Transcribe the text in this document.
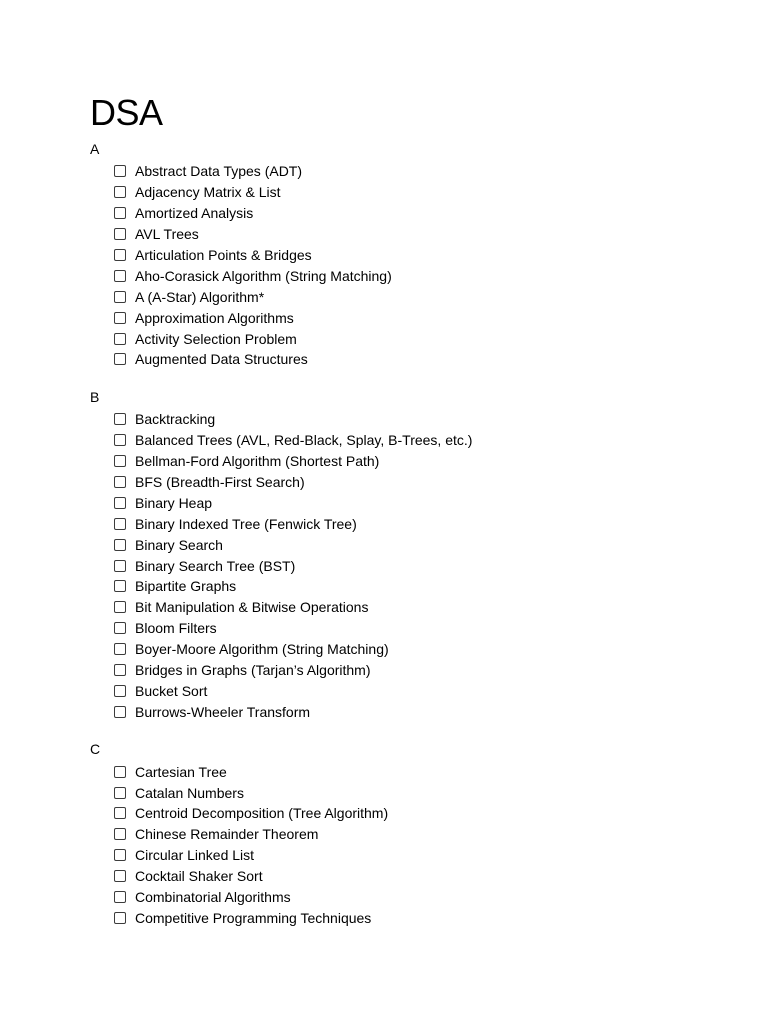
DSA
A
Abstract Data Types (ADT)
Adjacency Matrix & List
Amortized Analysis
AVL Trees
Articulation Points & Bridges
Aho-Corasick Algorithm (String Matching)
A (A-Star) Algorithm*
Approximation Algorithms
Activity Selection Problem
Augmented Data Structures
B
Backtracking
Balanced Trees (AVL, Red-Black, Splay, B-Trees, etc.)
Bellman-Ford Algorithm (Shortest Path)
BFS (Breadth-First Search)
Binary Heap
Binary Indexed Tree (Fenwick Tree)
Binary Search
Binary Search Tree (BST)
Bipartite Graphs
Bit Manipulation & Bitwise Operations
Bloom Filters
Boyer-Moore Algorithm (String Matching)
Bridges in Graphs (Tarjan’s Algorithm)
Bucket Sort
Burrows-Wheeler Transform
C
Cartesian Tree
Catalan Numbers
Centroid Decomposition (Tree Algorithm)
Chinese Remainder Theorem
Circular Linked List
Cocktail Shaker Sort
Combinatorial Algorithms
Competitive Programming Techniques
